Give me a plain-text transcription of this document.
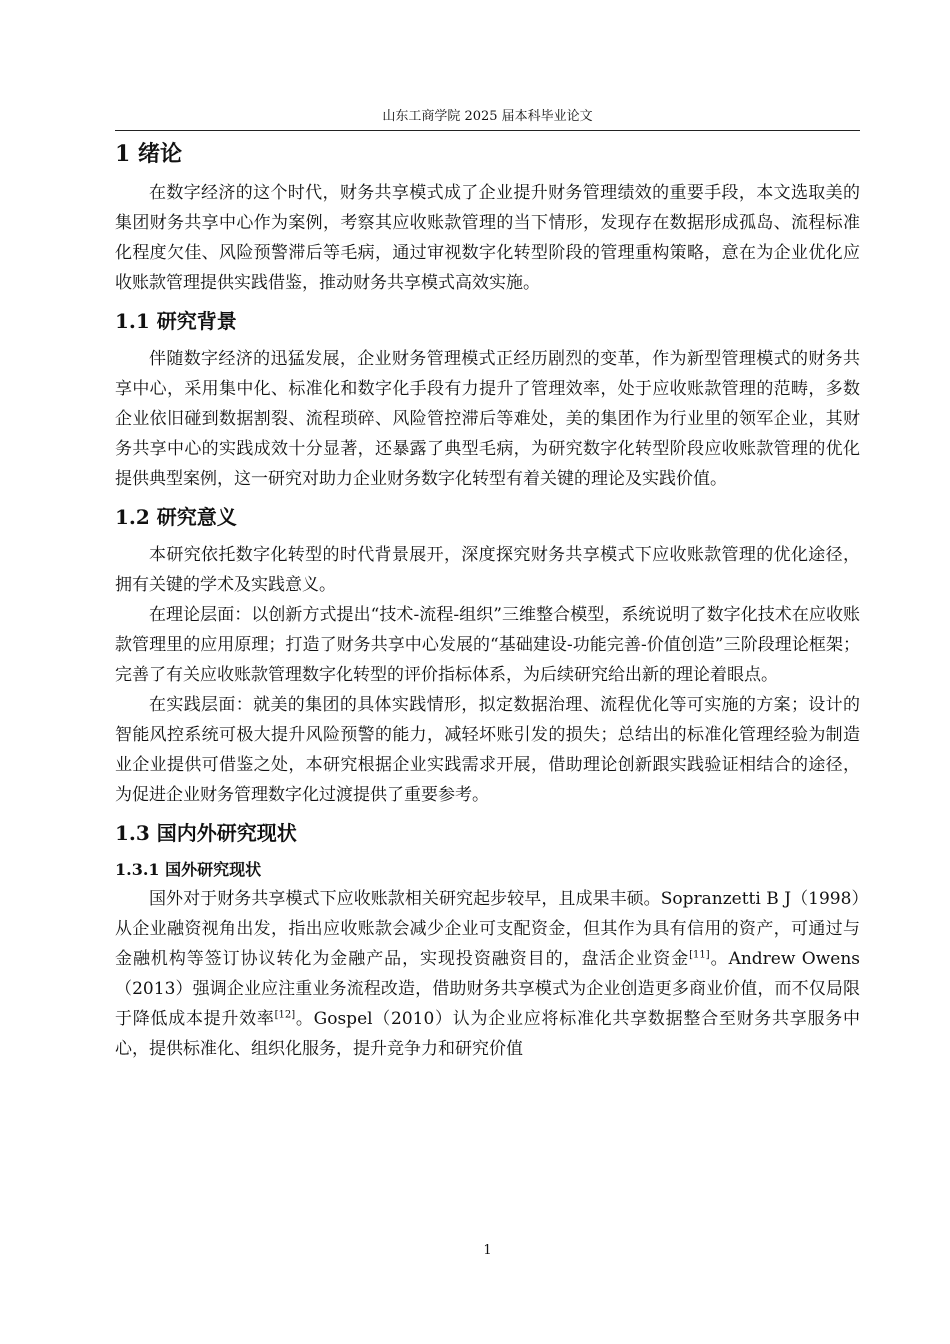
山东工商学院 2025 届本科毕业论文
1 绪论

在数字经济的这个时代，财务共享模式成了企业提升财务管理绩效的重要手段，本文选取美的集团财务共享中心作为案例，考察其应收账款管理的当下情形，发现存在数据形成孤岛、流程标准化程度欠佳、风险预警滞后等毛病，通过审视数字化转型阶段的管理重构策略，意在为企业优化应收账款管理提供实践借鉴，推动财务共享模式高效实施。

1.1 研究背景

伴随数字经济的迅猛发展，企业财务管理模式正经历剧烈的变革，作为新型管理模式的财务共享中心，采用集中化、标准化和数字化手段有力提升了管理效率，处于应收账款管理的范畴，多数企业依旧碰到数据割裂、流程琐碎、风险管控滞后等难处，美的集团作为行业里的领军企业，其财务共享中心的实践成效十分显著，还暴露了典型毛病，为研究数字化转型阶段应收账款管理的优化提供典型案例，这一研究对助力企业财务数字化转型有着关键的理论及实践价值。

1.2 研究意义

本研究依托数字化转型的时代背景展开，深度探究财务共享模式下应收账款管理的优化途径，拥有关键的学术及实践意义。

在理论层面：以创新方式提出“技术-流程-组织”三维整合模型，系统说明了数字化技术在应收账款管理里的应用原理；打造了财务共享中心发展的“基础建设-功能完善-价值创造”三阶段理论框架；完善了有关应收账款管理数字化转型的评价指标体系，为后续研究给出新的理论着眼点。

在实践层面：就美的集团的具体实践情形，拟定数据治理、流程优化等可实施的方案；设计的智能风控系统可极大提升风险预警的能力，减轻坏账引发的损失；总结出的标准化管理经验为制造业企业提供可借鉴之处，本研究根据企业实践需求开展，借助理论创新跟实践验证相结合的途径，为促进企业财务管理数字化过渡提供了重要参考。

1.3 国内外研究现状
1.3.1 国外研究现状

国外对于财务共享模式下应收账款相关研究起步较早，且成果丰硕。Sopranzetti B J（1998）从企业融资视角出发，指出应收账款会减少企业可支配资金，但其作为具有信用的资产，可通过与金融机构等签订协议转化为金融产品，实现投资融资目的，盘活企业资金[11]。Andrew Owens（2013）强调企业应注重业务流程改造，借助财务共享模式为企业创造更多商业价值，而不仅局限于降低成本提升效率[12]。Gospel（2010）认为企业应将标准化共享数据整合至财务共享服务中心，提供标准化、组织化服务，提升竞争力和研究价值

1
